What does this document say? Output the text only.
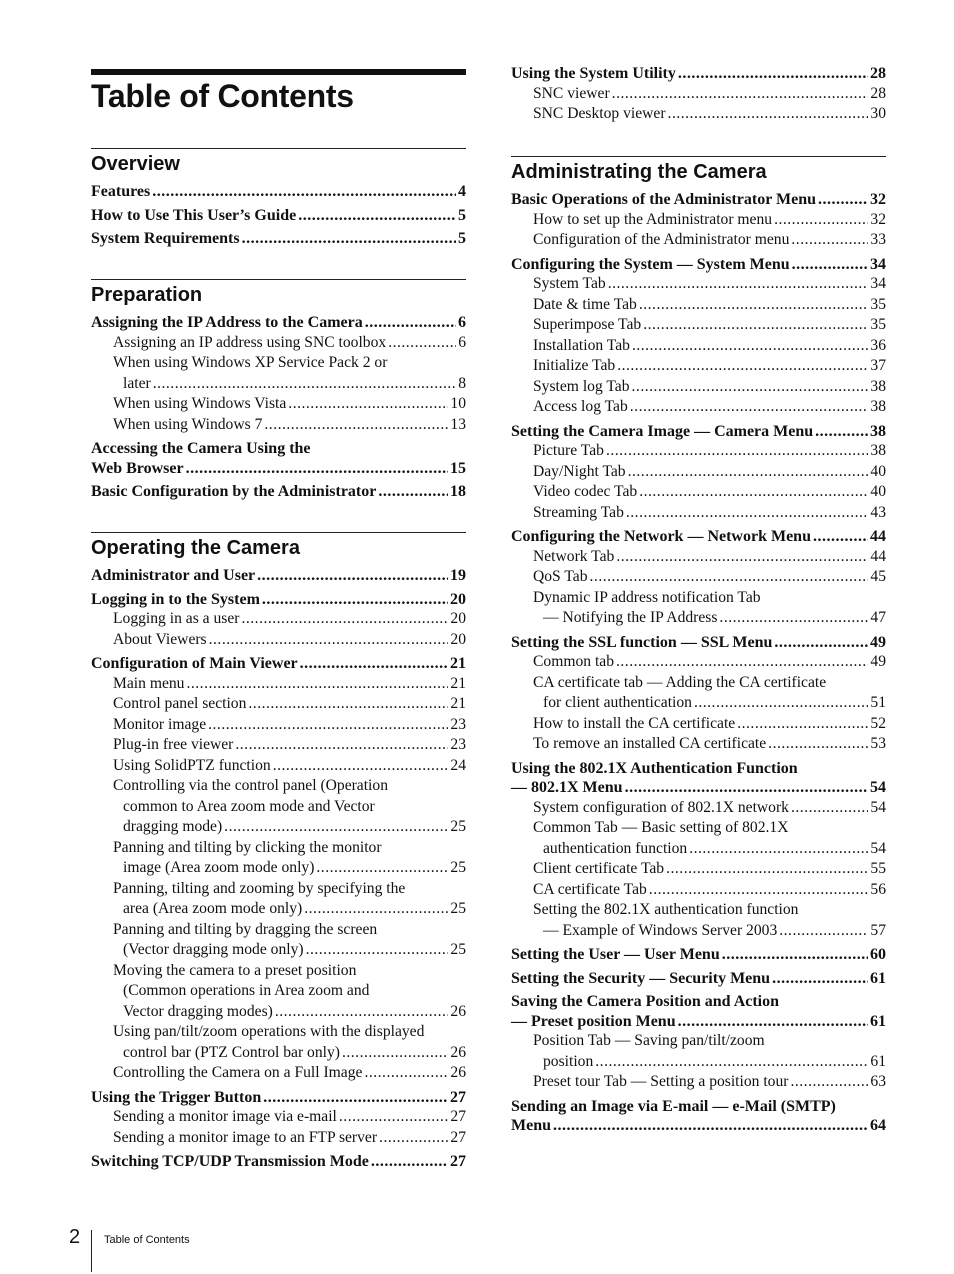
Table of Contents
Overview
Features .....	4
How to Use This User’s Guide .....	5
System Requirements .....	5
Preparation
Assigning the IP Address to the Camera .....	6
Assigning an IP address using SNC toolbox .....	6
When using Windows XP Service Pack 2 or
later .....	8
When using Windows Vista .....	10
When using Windows 7 .....	13
Accessing the Camera Using the
Web Browser .....	15
Basic Configuration by the Administrator .....	18
Operating the Camera
Administrator and User .....	19
Logging in to the System .....	20
Logging in as a user .....	20
About Viewers .....	20
Configuration of Main Viewer .....	21
Main menu .....	21
Control panel section .....	21
Monitor image .....	23
Plug-in free viewer .....	23
Using SolidPTZ function .....	24
Controlling via the control panel (Operation
common to Area zoom mode and Vector
dragging mode) .....	25
Panning and tilting by clicking the monitor
image (Area zoom mode only) .....	25
Panning, tilting and zooming by specifying the
area (Area zoom mode only) .....	25
Panning and tilting by dragging the screen
(Vector dragging mode only) .....	25
Moving the camera to a preset position
(Common operations in Area zoom and
Vector dragging modes) .....	26
Using pan/tilt/zoom operations with the displayed
control bar (PTZ Control bar only) .....	26
Controlling the Camera on a Full Image .....	26
Using the Trigger Button .....	27
Sending a monitor image via e-mail .....	27
Sending a monitor image to an FTP server .....	27
Switching TCP/UDP Transmission Mode .....	27
Using the System Utility .....	28
SNC viewer .....	28
SNC Desktop viewer .....	30
Administrating the Camera
Basic Operations of the Administrator Menu .....	32
How to set up the Administrator menu .....	32
Configuration of the Administrator menu .....	33
Configuring the System — System Menu .....	34
System Tab .....	34
Date & time Tab .....	35
Superimpose Tab .....	35
Installation Tab .....	36
Initialize Tab .....	37
System log Tab .....	38
Access log Tab .....	38
Setting the Camera Image — Camera Menu .....	38
Picture Tab .....	38
Day/Night Tab .....	40
Video codec Tab .....	40
Streaming Tab .....	43
Configuring the Network — Network Menu .....	44
Network Tab .....	44
QoS Tab .....	45
Dynamic IP address notification Tab
— Notifying the IP Address .....	47
Setting the SSL function — SSL Menu .....	49
Common tab .....	49
CA certificate tab — Adding the CA certificate
for client authentication .....	51
How to install the CA certificate .....	52
To remove an installed CA certificate .....	53
Using the 802.1X Authentication Function
— 802.1X Menu .....	54
System configuration of 802.1X network .....	54
Common Tab — Basic setting of 802.1X
authentication function .....	54
Client certificate Tab .....	55
CA certificate Tab .....	56
Setting the 802.1X authentication function
— Example of Windows Server 2003 .....	57
Setting the User — User Menu .....	60
Setting the Security — Security Menu .....	61
Saving the Camera Position and Action
— Preset position Menu .....	61
Position Tab — Saving pan/tilt/zoom
position .....	61
Preset tour Tab — Setting a position tour .....	63
Sending an Image via E-mail — e-Mail (SMTP)
Menu .....	64
2 Table of Contents
